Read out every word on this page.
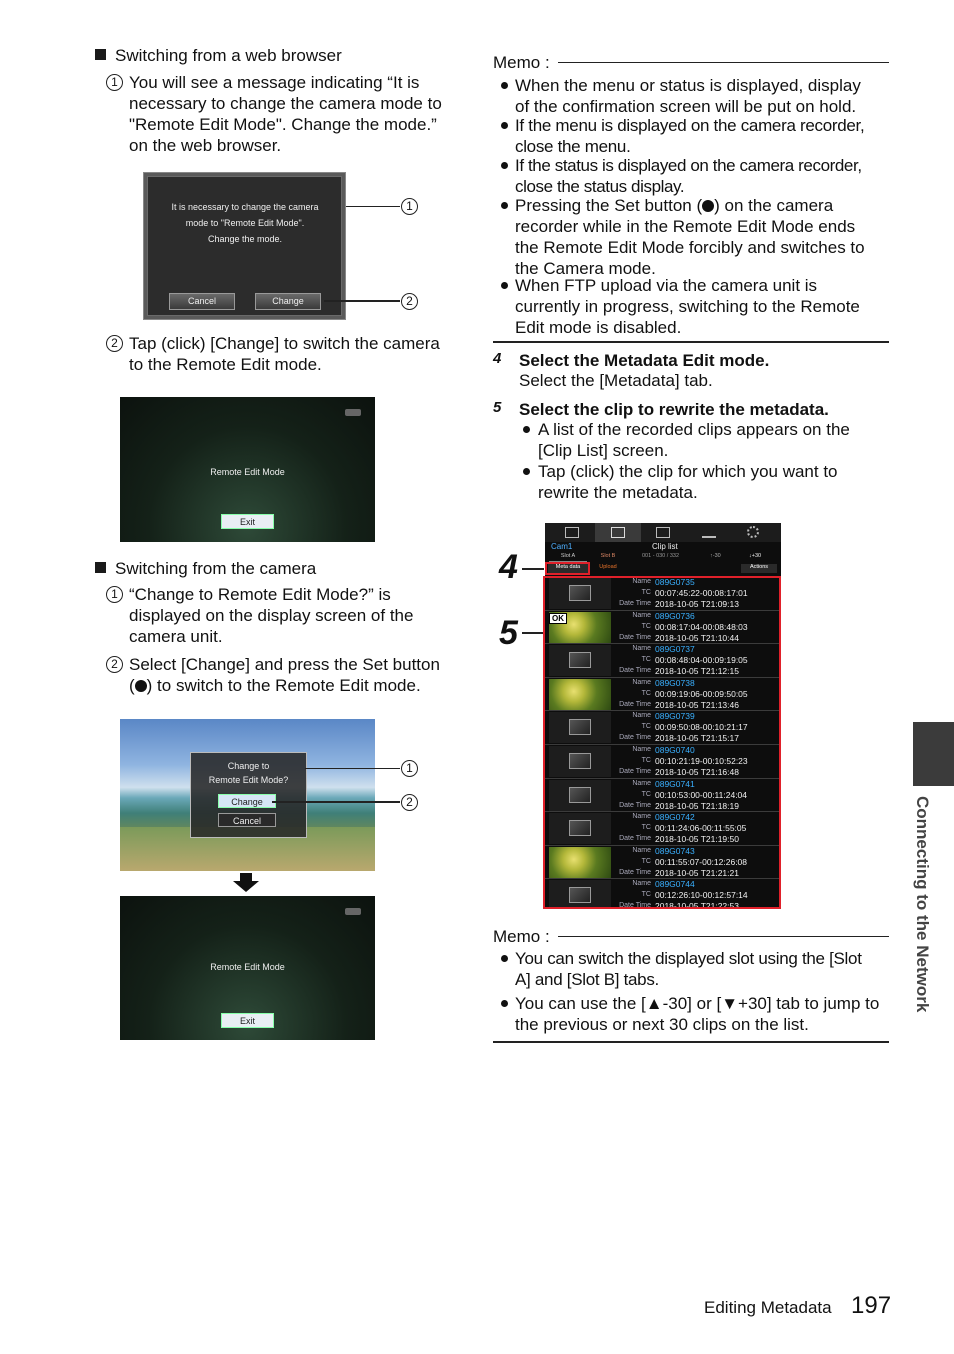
Switching from a web browser
1 You will see a message indicating “It is
necessary to change the camera mode to
"Remote Edit Mode". Change the mode.”
on the web browser.
It is necessary to change the camera
mode to "Remote Edit Mode".
Change the mode.
Cancel	Change
1
2
2 Tap (click) [Change] to switch the camera
to the Remote Edit mode.
Remote Edit Mode
Exit
Switching from the camera
1 “Change to Remote Edit Mode?” is
displayed on the display screen of the
camera unit.
2 Select [Change] and press the Set button
( ) to switch to the Remote Edit mode.
Change to
Remote Edit Mode?
Change
Cancel
1
2
Remote Edit Mode
Exit
Memo :
When the menu or status is displayed, display
of the confirmation screen will be put on hold.
If the menu is displayed on the camera recorder,
close the menu.
If the status is displayed on the camera recorder,
close the status display.
Pressing the Set button ( ) on the camera
recorder while in the Remote Edit Mode ends
the Remote Edit Mode forcibly and switches to
the Camera mode.
When FTP upload via the camera unit is
currently in progress, switching to the Remote
Edit mode is disabled.
4 Select the Metadata Edit mode.
Select the [Metadata] tab.
5 Select the clip to rewrite the metadata.
A list of the recorded clips appears on the
[Clip List] screen.
Tap (click) the clip for which you want to
rewrite the metadata.
4
5
Cam1	Clip list
Slot A	Slot B	001 - 030 / 332	↑-30	↓+30
Meta data	Upload	Actions
Name 089G0735
TC 00:07:45:22-00:08:17:01
Date Time 2018-10-05 T21:09:13
OK	Name 089G0736
TC 00:08:17:04-00:08:48:03
Date Time 2018-10-05 T21:10:44
Name 089G0737
TC 00:08:48:04-00:09:19:05
Date Time 2018-10-05 T21:12:15
Name 089G0738
TC 00:09:19:06-00:09:50:05
Date Time 2018-10-05 T21:13:46
Name 089G0739
TC 00:09:50:08-00:10:21:17
Date Time 2018-10-05 T21:15:17
Name 089G0740
TC 00:10:21:19-00:10:52:23
Date Time 2018-10-05 T21:16:48
Name 089G0741
TC 00:10:53:00-00:11:24:04
Date Time 2018-10-05 T21:18:19
Name 089G0742
TC 00:11:24:06-00:11:55:05
Date Time 2018-10-05 T21:19:50
Name 089G0743
TC 00:11:55:07-00:12:26:08
Date Time 2018-10-05 T21:21:21
Name 089G0744
TC 00:12:26:10-00:12:57:14
Date Time 2018-10-05 T21:22:53
Memo :
You can switch the displayed slot using the [Slot
A] and [Slot B] tabs.
You can use the [▲-30] or [▼+30] tab to jump to
the previous or next 30 clips on the list.
Connecting to the Network
Editing Metadata 197
